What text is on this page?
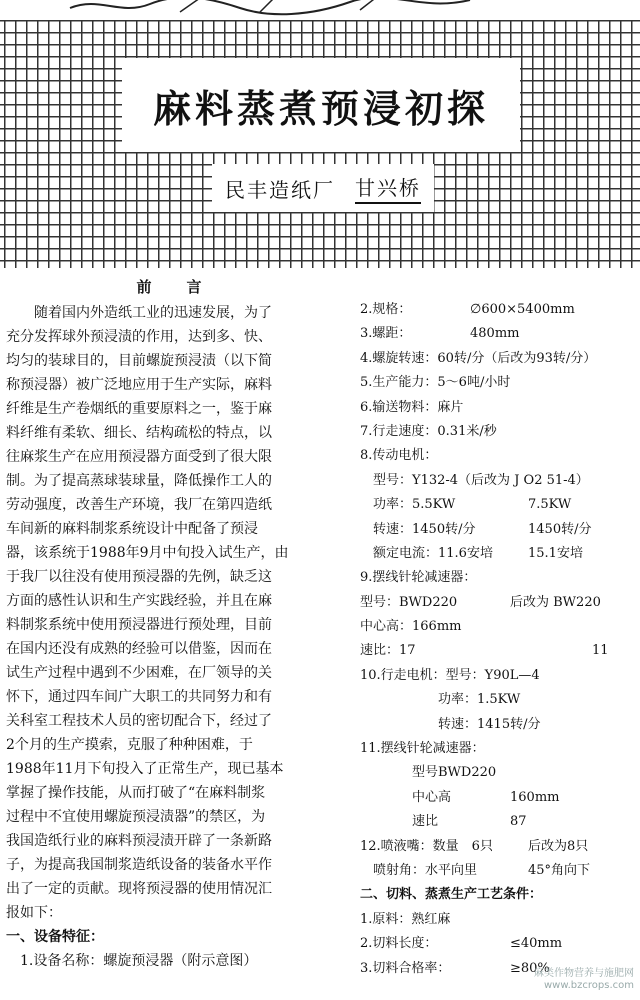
麻料蒸煮预浸初探
民丰造纸厂 甘兴桥
前　言
　　随着国内外造纸工业的迅速发展，为了
充分发挥球外预浸渍的作用，达到多、快、
均匀的装球目的，目前螺旋预浸渍（以下简
称预浸器）被广泛地应用于生产实际，麻料
纤维是生产卷烟纸的重要原料之一，鉴于麻
料纤维有柔软、细长、结构疏松的特点，以
往麻浆生产在应用预浸器方面受到了很大限
制。为了提高蒸球装球量，降低操作工人的
劳动强度，改善生产环境，我厂在第四造纸
车间新的麻料制浆系统设计中配备了预浸
器，该系统于1988年9月中旬投入试生产，由
于我厂以往没有使用预浸器的先例，缺乏这
方面的感性认识和生产实践经验，并且在麻
料制浆系统中使用预浸器进行预处理，目前
在国内还没有成熟的经验可以借鉴，因而在
试生产过程中遇到不少困难，在厂领导的关
怀下，通过四车间广大职工的共同努力和有
关科室工程技术人员的密切配合下，经过了
2个月的生产摸索，克服了种种困难，于
1988年11月下旬投入了正常生产，现已基本
掌握了操作技能，从而打破了“在麻料制浆
过程中不宜使用螺旋预浸渍器”的禁区，为
我国造纸行业的麻料预浸渍开辟了一条新路
子，为提高我国制浆造纸设备的装备水平作
出了一定的贡献。现将预浸器的使用情况汇
报如下：
一、设备特征：
　1.设备名称：螺旋预浸器（附示意图）
2.规格：	∅600×5400mm
3.螺距：	480mm
4.螺旋转速：60转/分（后改为93转/分）
5.生产能力：5～6吨/小时
6.输送物料：麻片
7.行走速度：0.31米/秒
8.传动电机：
　型号：Y132-4（后改为 J O2 51-4）
　功率：5.5KW	7.5KW
　转速：1450转/分	1450转/分
　额定电流：11.6安培	15.1安培
9.摆线针轮减速器：
型号：BWD220	后改为 BW220
中心高：166mm
速比：17	11
10.行走电机：型号：Y90L—4
　　　　　　功率：1.5KW
　　　　　　转速：1415转/分
11.摆线针轮减速器：
　　　　型号BWD220
　　　　中心高	160mm
　　　　速比	87
12.喷液嘴：数量　6只	后改为8只
　喷射角：水平向里	45°角向下
二、切料、蒸煮生产工艺条件：
1.原料：熟红麻
2.切料长度：	≤40mm
3.切料合格率：	≥80%
麻类作物营养与施肥网
www.bzcrops.com
